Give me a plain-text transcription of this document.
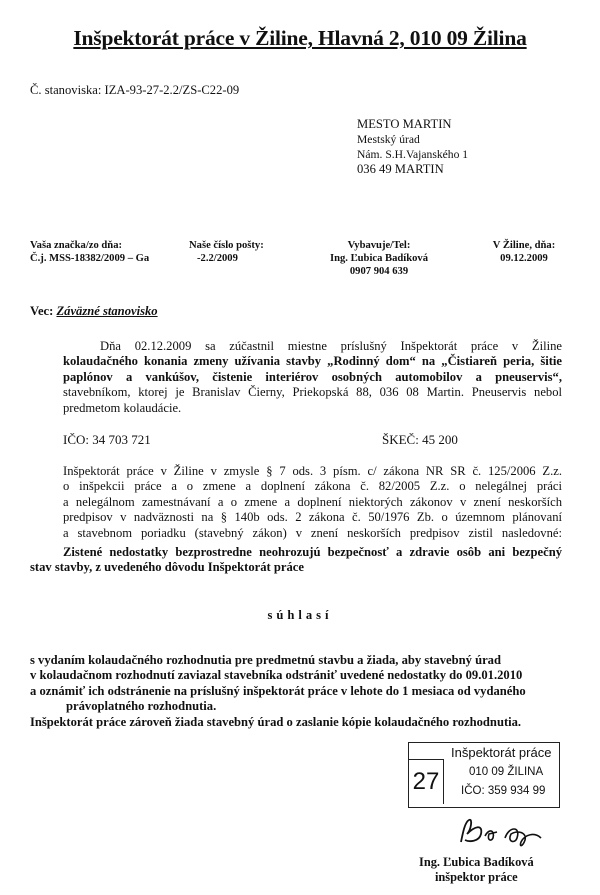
Inšpektorát práce v Žiline, Hlavná 2, 010 09 Žilina
Č. stanoviska: IZA-93-27-2.2/ZS-C22-09
MESTO MARTIN
Mestský úrad
Nám. S.H.Vajanského 1
036 49 MARTIN
Vaša značka/zo dňa:
Č.j. MSS-18382/2009 – Ga
Naše číslo pošty:
-2.2/2009
Vybavuje/Tel:
Ing. Ľubica Badíková
0907 904 639
V Žiline, dňa:
09.12.2009
Vec: Záväzné stanovisko
Dňa 02.12.2009 sa zúčastnil miestne príslušný Inšpektorát práce v Žiline
kolaudačného konania zmeny užívania stavby „Rodinný dom“ na „Čistiareň peria, šitie
paplónov a vankúšov, čistenie interiérov osobných automobilov a pneuservis“,
stavebníkom, ktorej je Branislav Čierny, Priekopská 88, 036 08 Martin. Pneuservis nebol
predmetom kolaudácie.
IČO: 34 703 721	ŠKEČ: 45 200
Inšpektorát práce v Žiline v zmysle § 7 ods. 3 písm. c/ zákona NR SR č. 125/2006 Z.z.
o inšpekcii práce a o zmene a doplnení zákona č. 82/2005 Z.z. o nelegálnej práci
a nelegálnom zamestnávaní a o zmene a doplnení niektorých zákonov v znení neskorších
predpisov v nadväznosti na § 140b ods. 2 zákona č. 50/1976 Zb. o územnom plánovaní
a stavebnom poriadku (stavebný zákon) v znení neskorších predpisov zistil nasledovné:
Zistené nedostatky bezprostredne neohrozujú bezpečnosť a zdravie osôb ani bezpečný
stav stavby, z uvedeného dôvodu Inšpektorát práce
súhlasí
s vydaním kolaudačného rozhodnutia pre predmetnú stavbu a žiada, aby stavebný úrad
v kolaudačnom rozhodnutí zaviazal stavebníka odstrániť uvedené nedostatky do 09.01.2010
a oznámiť ich odstránenie na príslušný inšpektorát práce v lehote do 1 mesiaca od vydaného
právoplatného rozhodnutia.
Inšpektorát práce zároveň žiada stavebný úrad o zaslanie kópie kolaudačného rozhodnutia.
27
Inšpektorát práce
010 09 ŽILINA
IČO: 359 934 99
Ing. Ľubica Badíková
inšpektor práce
